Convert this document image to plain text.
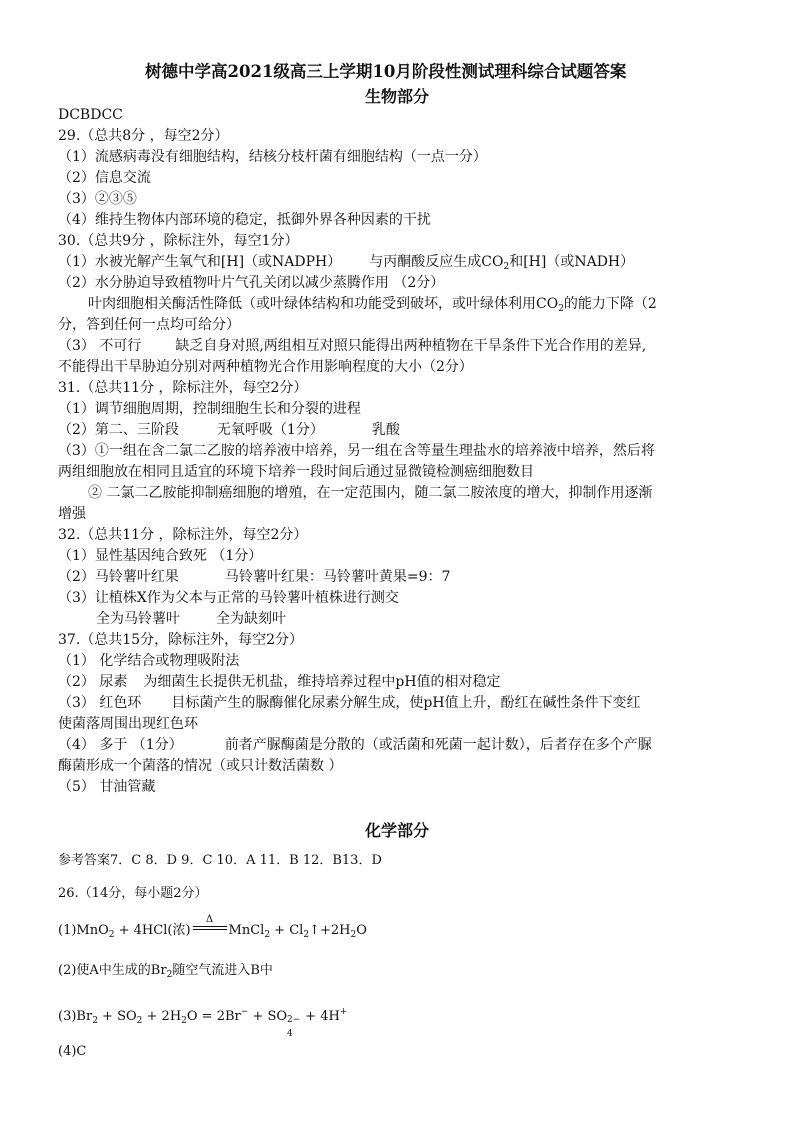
树德中学高2021级高三上学期10月阶段性测试理科综合试题答案
生物部分
DCBDCC
29.（总共8分 ，每空2分）
（1）流感病毒没有细胞结构，结核分枝杆菌有细胞结构（一点一分）
（2）信息交流
（3）②③⑤
（4）维持生物体内部环境的稳定，抵御外界各种因素的干扰
30.（总共9分 ，除标注外，每空1分）
（1）水被光解产生氧气和[H]（或NADPH） 与丙酮酸反应生成$CO_2$和[H]（或NADH）
（2）水分胁迫导致植物叶片气孔关闭以减少蒸腾作用 （2分）
叶肉细胞相关酶活性降低（或叶绿体结构和功能受到破坏，或叶绿体利用$CO_2$的能力下降（2
分，答到任何一点均可给分）
（3） 不可行 缺乏自身对照,两组相互对照只能得出两种植物在干旱条件下光合作用的差异,
不能得出干旱胁迫分别对两种植物光合作用影响程度的大小（2分）
31.（总共11分 ，除标注外，每空2分）
（1）调节细胞周期，控制细胞生长和分裂的进程
（2）第二、三阶段	无氧呼吸（1分）	乳酸
（3）①一组在含二氯二乙胺的培养液中培养，另一组在含等量生理盐水的培养液中培养，然后将
两组细胞放在相同且适宜的环境下培养一段时间后通过显微镜检测癌细胞数目
② 二氯二乙胺能抑制癌细胞的增殖，在一定范围内，随二氯二胺浓度的增大，抑制作用逐渐
增强
32.（总共11分 ，除标注外，每空2分）
（1）显性基因纯合致死 （1分）
（2）马铃薯叶红果	马铃薯叶红果：马铃薯叶黄果=9：7
（3）让植株X作为父本与正常的马铃薯叶植株进行测交
全为马铃薯叶	全为缺刻叶
37.（总共15分，除标注外，每空2分）
（1） 化学结合或物理吸附法
（2） 尿素 为细菌生长提供无机盐，维持培养过程中pH值的相对稳定
（3） 红色环 目标菌产生的脲酶催化尿素分解生成，使pH值上升，酚红在碱性条件下变红
使菌落周围出现红色环
（4） 多于 （1分）	前者产脲酶菌是分散的（或活菌和死菌一起计数），后者存在多个产脲
酶菌形成一个菌落的情况（或只计数活菌数 ）
（5） 甘油管藏
化学部分
参考答案7．C 8．D 9．C 10．A 11．B 12．B13．D
26.（14分，每小题2分）
(1)MnO$_2$ + 4HCl(浓)
Δ
MnCl$_2$ + $Cl_2↑+2H_2O$
(2)使A中生成的$Br_2$随空气流进入B中
$(3)Br_2 + SO_2 + 2H_2O = 2Br^-$ + SO
4
2− + 4H+
(4)C
